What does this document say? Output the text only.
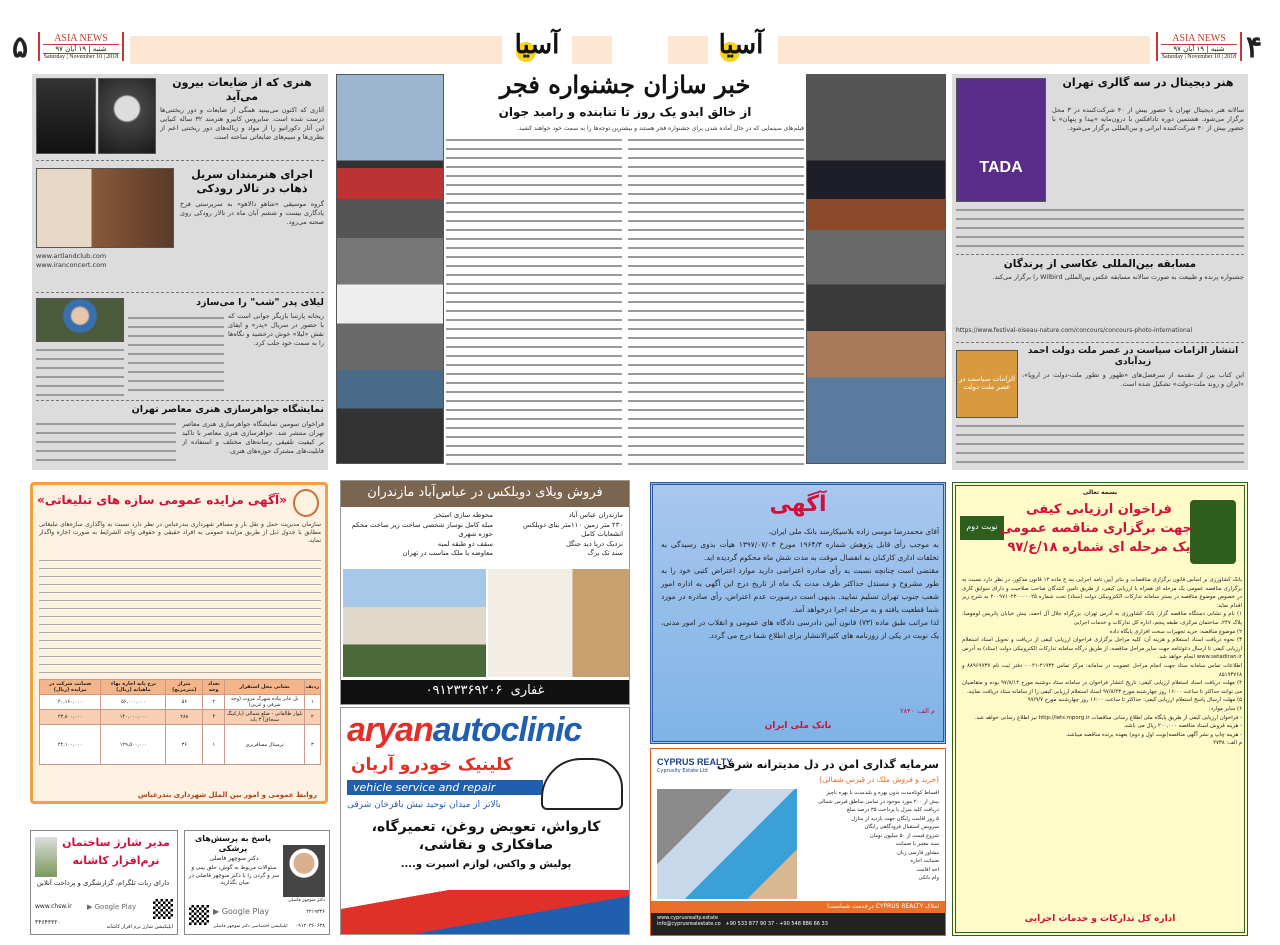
۵	ASIA NEWS
شنبه | ۱۹ آبان ۹۷
Saturday | November 10 | 2018	آسیا	آسیا	ASIA NEWS
شنبه | ۱۹ آبان ۹۷
Saturday | November 10 | 2018 ۴
هنری که از ضایعات بیرون می‌آید
آثاری که اکنون می‌بینید همگی از ضایعات و دور ریختنی‌ها درست شده است. سایروس کابیرو هنرمند ۳۲ ساله کنیایی این آثار دکوراتیو را از مواد و زباله‌های دور ریختنی اعم از بطری‌ها و سیم‌های ضایعاتی ساخته است.
اجرای هنرمندان سریل ذهاب در تالار رودکی
گروه موسیقی «شاهو دالاهو» به سرپرستی فرخ یادگاری بیست و ششم آبان ماه در تالار رودکی روی صحنه می‌رود.
www.artlandclub.com
www.iranconcert.com
لیلای پدر "شب" را می‌سازد
ریحانه پارسا بازیگر جوانی است که با حضور در سریال «پدر» و ایفای نقش «لیلا» خوش درخشید و نگاه‌ها را به سمت خود جلب کرد.
نمایشگاه جواهرسازی هنری معاصر تهران
فراخوان سومین نمایشگاه جواهرسازی هنری معاصر تهران منتشر شد. جواهرسازی هنری معاصر با تاکید بر کیفیت تلفیقی رسانه‌های مختلف و استفاده از قابلیت‌های مشترک حوزه‌های هنری.
خبر سازان جشنواره فجر
از خالق ابدو یک روز تا تنابنده و رامبد جوان
فیلم‌های سینمایی که در حال آماده شدن برای جشنواره فجر هستند و بیشترین توجه‌ها را به سمت خود خواهند کشید.
TADA
هنر دیجیتال در سه گالری تهران
سالانه هنر دیجیتال تهران با حضور بیش از ۴۰ شرکت‌کننده در ۳ محل برگزار می‌شود. هشتمین دوره تادافکس با درون‌مایه «پیدا و پنهان» با حضور بیش از ۴۰ شرکت‌کننده ایرانی و بین‌المللی برگزار می‌شود.
مسابقه بین‌المللی عکاسی از پرندگان
جشنواره پرنده و طبیعت به صورت سالانه مسابقه عکس بین‌المللی Wilbird را برگزار می‌کند.
https://www.festival-oiseau-nature.com/concours/concours-photo-international
الزامات سیاست در عصر ملت دولت
انتشار الزامات سیاست در عصر ملت دولت احمد زیدآبادی
این کتاب بین از مقدمه از سرفصل‌های «ظهور و تطور ملت-دولت در اروپا»، «ایران و روند ملت-دولت» تشکیل شده است.
«آگهی مزایده عمومی سازه های تبلیغاتی»
سازمان مدیریت حمل و نقل بار و مسافر شهرداری بندرعباس در نظر دارد نسبت به واگذاری سازه‌های تبلیغاتی مطابق با جدول ذیل از طریق مزایده عمومی به افراد حقیقی و حقوقی واجد الشرایط به صورت اجاره واگذار نماید.
ردیف	نشانی محل استقرار	تعداد وجه	متراژ (مترمربع)	نرخ پایه اجاره بهاء ماهیانه (ریال)	ضمانت شرکت در مزایده (ریال)
۱	پل عابر پیاده شهرک مروت (وجه شرقی و غربی)	۲	۵۶	۵۶,۰۰۰,۰۰۰	۲۰,۱۶۰,۰۰۰
۲	بلوار طالقانی - ضلع شمالی (پارکینگ سنجاق) ۳ پایه	۴	۲۸۸	۱۴۰,۰۰۰,۰۰۰	۴۳,۸۰۰,۰۰۰
۳	ترمینال مسافربری	۱	۳۶	۱۲۹,۵۰۰,۰۰۰	۴۴,۱۰۰,۰۰۰
روابط عمومی و امور بین الملل شهرداری بندرعباس
فروش ویلای دوبلکس در عباس‌آباد مازندران
مازندران عباس آباد
۲۳۰ متر زمین ۱۱۰متر بنای دوبلکس
انشعابات کامل
نزدیک دریا دید جنگل
سند تک برگ
محوطه سازی استخر
مبله کامل نوساز شخصی ساخت زیر ساخت محکم
حوزه شهری
سقف دو طبقه لمبه
معاوضه با ملک مناسب در تهران
غفاری  ۰۹۱۲۳۳۶۹۲۰۶
aryanautoclinic
کلینیک خودرو آریان
vehicle service and repair
بالاتر از میدان توحید نبش باقرخان شرقی
کارواش، تعویض روغن، تعمیرگاه، صافکاری و نقاشی،
پولیش و واکس، لوازم اسپرت و....
مدیر شارژ ساختمان
نرم‌افزار کاشانه
دارای ربات تلگرام، گزارشگری و پرداخت آنلاین
▶ Google Play
www.chsw.ir
۴۴۶۴۳۳۲۰
اپلیکیشن شارژ نرم افزار کاشانه
دکتر منوچهر فاضلی
پاسخ به پرسش‌های پزشکی
دکتر منوچهر فاضلی
سئوالات مربوط به گوش، حلق بینی و سر و گردن را با دکتر منوچهر فاضلی در میان بگذارید.
▶ Google Play	۲۲۱۹۳۳۶
۰۹۱۲۰۳۶۰۶۳۸
اپلیکیشن اختصاصی دکتر منوچهر فاضلی
آگهی
آقای محمدرضا موسی زاده بلاسیکارمند بانک ملی ایران،
به موجب رأی قابل پژوهش شماره ۱۹۶۴/۳ مورخ ۱۳۹۷/۰۷/۰۳ هیأت بدوی رسیدگی به تخلفات اداری کارکنان به انفصال موقت به مدت شش ماه محکوم گردیده اید.
مقتضی است چنانچه نسبت به رأی صادره اعتراضی دارید موارد اعتراض کتبی خود را به طور مشروح و مستدل حداکثر ظرف مدت یک ماه از تاریخ درج این آگهی به اداره امور شعب جنوب تهران تسلیم نمایید. بدیهی است درصورت عدم اعتراض، رأی صادره در مورد شما قطعیت یافته و به مرحله اجرا درخواهد آمد.
لذا مراتب طبق ماده (۷۳) قانون آیین دادرسی دادگاه های عمومی و انقلاب در امور مدنی، یک نوبت در یکی از روزنامه های کثیرالانتشار برای اطلاع شما درج می گردد.
م الف: ۲۸۴۰
بانک ملی ایران
CYPRUS REALTY
Cypruslty Estate Ltd سرمایه گذاری امن در دل مدیترانه شرقی
(خرید و فروش ملک در قبرس شمالی)
اقساط کوتاه‌مدت بدون بهره و بلندمدت با بهره ناچیز
بیش از ۲۰۰ مورد موجود در تمامی مناطق قبرس شمالی
دریافت کلید منزل با پرداخت ۳۵ درصد مبلغ
۵ روز اقامت رایگان جهت بازدید از منازل
سرویس استقبال فرودگاهی رایگان
شروع قیمت از ۵۰ میلیون تومان
سند معتبر با ضمانت
مشاور فارسی زبان
ضمانت اجاره
اخذ اقامت
وام بانکی
املاک CYPRUS REALTY درخدمت شماست!
www.cyprusrealty.estate
info@cyprusrealestate.co +90 533 877 90 37 - +90 548 886 66 33
بسمه تعالی
نوبت دوم
فراخوان ارزیابی کیفی
جهت برگزاری مناقصه عمومی
یک مرحله ای شماره ۱۸/ع/۹۷
بانک کشاورزی بر اساس قانون برگزاری مناقصات و بنابر آیین نامه اجرایی بند ج ماده ۱۲ قانون مذکور، در نظر دارد نسبت به برگزاری مناقصه عمومی یک مرحله ای همراه با ارزیابی کیفی، از طریق تامین کنندگان صاحب صلاحیت و دارای سوابق کاری در خصوص موضوع مناقصه در بستر سامانه تدارکات الکترونیکی دولت (ستاد) تحت شماره ۲۰۰۹۷۱۰۲۴۰۰۰۰۰۲۵ به شرح زیر اقدام نماید:
۱) نام و نشانی دستگاه مناقصه گزار: بانک کشاورزی به آدرس تهران، بزرگراه جلال آل احمد، نبش خیابان پاتریس لومومبا، پلاک ۲۴۷، ساختمان مرکزی، طبقه پنجم، اداره کل تدارکات و خدمات اجرایی
۲) موضوع مناقصه: خرید تجهیزات سخت افزاری پایگاه داده
۳) نحوه دریافت اسناد استعلام و هزینه آن: کلیه مراحل برگزاری فراخوان ارزیابی کیفی از دریافت و تحویل اسناد استعلام ارزیابی کیفی تا ارسال دعوتنامه جهت سایر مراحل مناقصه، از طریق درگاه سامانه تدارکات الکترونیکی دولت (ستاد) به آدرس www.setadiran.ir انجام خواهد شد.
اطلاعات تماس سامانه ستاد جهت انجام مراحل عضویت در سامانه: مرکز تماس ۴۱۹۳۴-۰۲۱ - دفتر ثبت نام ۸۸۹۶۹۷۳۷ و ۸۵۱۹۳۷۶۸
۴) مهلت دریافت اسناد استعلام ارزیابی کیفی: تاریخ انتشار فراخوان در سامانه ستاد دوشنبه مورخ ۹۷/۸/۱۴ بوده و متقاضیان می توانند حداکثر تا ساعت ۱۶:۰۰ روز چهارشنبه مورخ ۹۷/۸/۲۳ اسناد استعلام ارزیابی کیفی را از سامانه ستاد دریافت نمایند.
۵) مهلت ارسال پاسخ استعلام ارزیابی کیفی: حداکثر تا ساعت ۱۶:۰۰ روز چهارشنبه مورخ ۹۷/۹/۷
۶) سایر موارد:
- فراخوان ارزیابی کیفی از طریق پایگاه ملی اطلاع رسانی مناقصات http://iets.mporg.ir نیز اطلاع رسانی خواهد شد.
- هزینه فروش اسناد مناقصه ۲۰۰,۰۰۰ ریال می باشد.
- هزینه چاپ و نشر آگهی مناقصه(نوبت اول و دوم) بعهده برنده مناقصه میباشد.
م الف: ۲۷۳۸
اداره کل تدارکات و خدمات اجرایی
